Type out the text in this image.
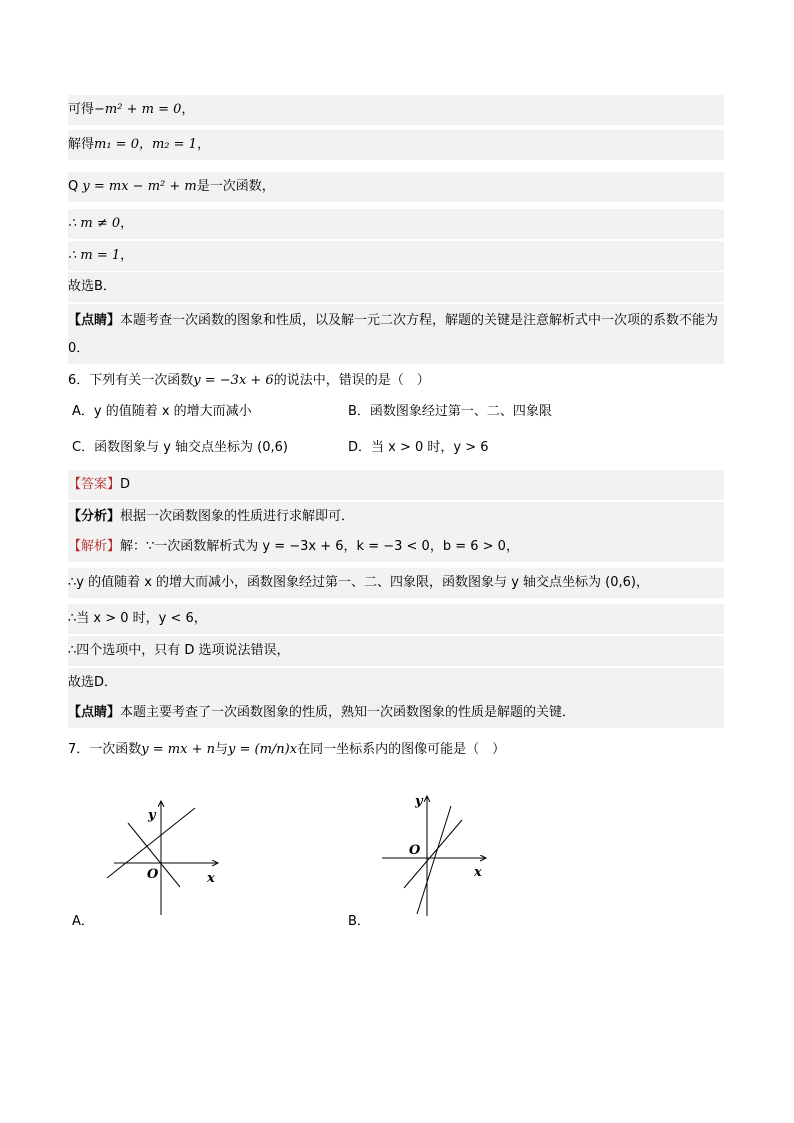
可得−m² + m = 0，
解得m₁ = 0，m₂ = 1，
Q y = mx − m² + m是一次函数，
∴ m ≠ 0，
∴ m = 1，
故选B．
【点睛】本题考查一次函数的图象和性质，以及解一元二次方程，解题的关键是注意解析式中一次项的系数不能为 0．
6．下列有关一次函数y = −3x + 6的说法中，错误的是（　）
A．y 的值随着 x 的增大而减小	B．函数图象经过第一、二、四象限
C．函数图象与 y 轴交点坐标为 (0,6)	D．当 x > 0 时，y > 6
【答案】D
【分析】根据一次函数图象的性质进行求解即可．
【解析】解：∵一次函数解析式为 y = −3x + 6，k = −3 < 0，b = 6 > 0，
∴y 的值随着 x 的增大而减小，函数图象经过第一、二、四象限，函数图象与 y 轴交点坐标为 (0,6)，
∴当 x > 0 时，y < 6，
∴四个选项中，只有 D 选项说法错误，
故选D．
【点睛】本题主要考查了一次函数图象的性质，熟知一次函数图象的性质是解题的关键．
7．一次函数y = mx + n与y = (m/n)x在同一坐标系内的图像可能是（　）
y
x
O
A．
y
x
O
B．
